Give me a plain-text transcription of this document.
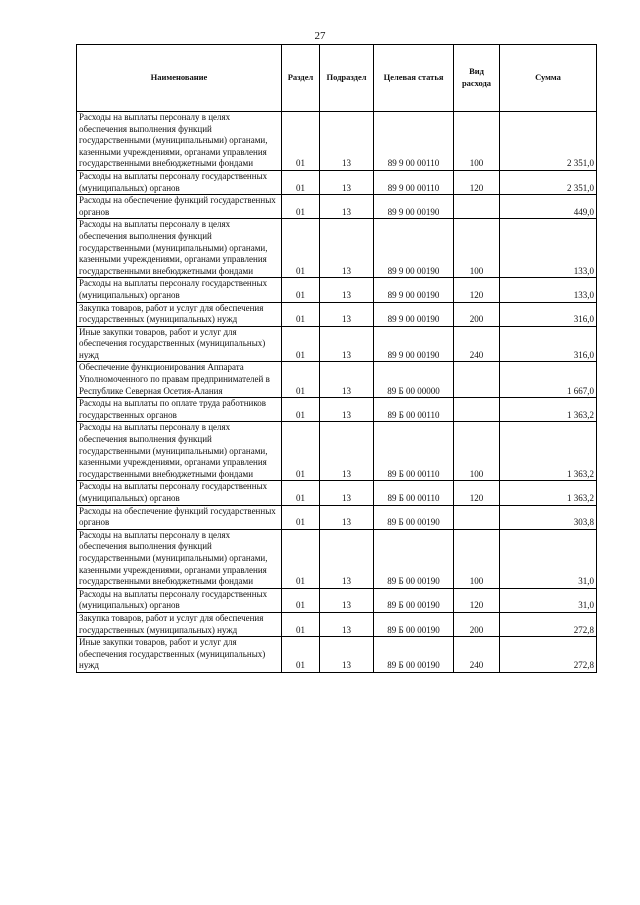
27
Наименование	Раздел	Подраздел	Целевая статья	Вид расхода	Сумма
Расходы на выплаты персоналу в целях обеспечения выполнения функций государственными (муниципальными) органами, казенными учреждениями, органами управления государственными внебюджетными фондами	01	13	89 9 00 00110	100	2 351,0
Расходы на выплаты персоналу государственных (муниципальных) органов	01	13	89 9 00 00110	120	2 351,0
Расходы на обеспечение функций государственных органов	01	13	89 9 00 00190		449,0
Расходы на выплаты персоналу в целях обеспечения выполнения функций государственными (муниципальными) органами, казенными учреждениями, органами управления государственными внебюджетными фондами	01	13	89 9 00 00190	100	133,0
Расходы на выплаты персоналу государственных (муниципальных) органов	01	13	89 9 00 00190	120	133,0
Закупка товаров, работ и услуг для обеспечения государственных (муниципальных) нужд	01	13	89 9 00 00190	200	316,0
Иные закупки товаров, работ и услуг для обеспечения государственных (муниципальных) нужд	01	13	89 9 00 00190	240	316,0
Обеспечение функционирования Аппарата Уполномоченного по правам предпринимателей в Республике Северная Осетия-Алания	01	13	89 Б 00 00000		1 667,0
Расходы на выплаты по оплате труда работников государственных органов	01	13	89 Б 00 00110		1 363,2
Расходы на выплаты персоналу в целях обеспечения выполнения функций государственными (муниципальными) органами, казенными учреждениями, органами управления государственными внебюджетными фондами	01	13	89 Б 00 00110	100	1 363,2
Расходы на выплаты персоналу государственных (муниципальных) органов	01	13	89 Б 00 00110	120	1 363,2
Расходы на обеспечение функций государственных органов	01	13	89 Б 00 00190		303,8
Расходы на выплаты персоналу в целях обеспечения выполнения функций государственными (муниципальными) органами, казенными учреждениями, органами управления государственными внебюджетными фондами	01	13	89 Б 00 00190	100	31,0
Расходы на выплаты персоналу государственных (муниципальных) органов	01	13	89 Б 00 00190	120	31,0
Закупка товаров, работ и услуг для обеспечения государственных (муниципальных) нужд	01	13	89 Б 00 00190	200	272,8
Иные закупки товаров, работ и услуг для обеспечения государственных (муниципальных) нужд	01	13	89 Б 00 00190	240	272,8
